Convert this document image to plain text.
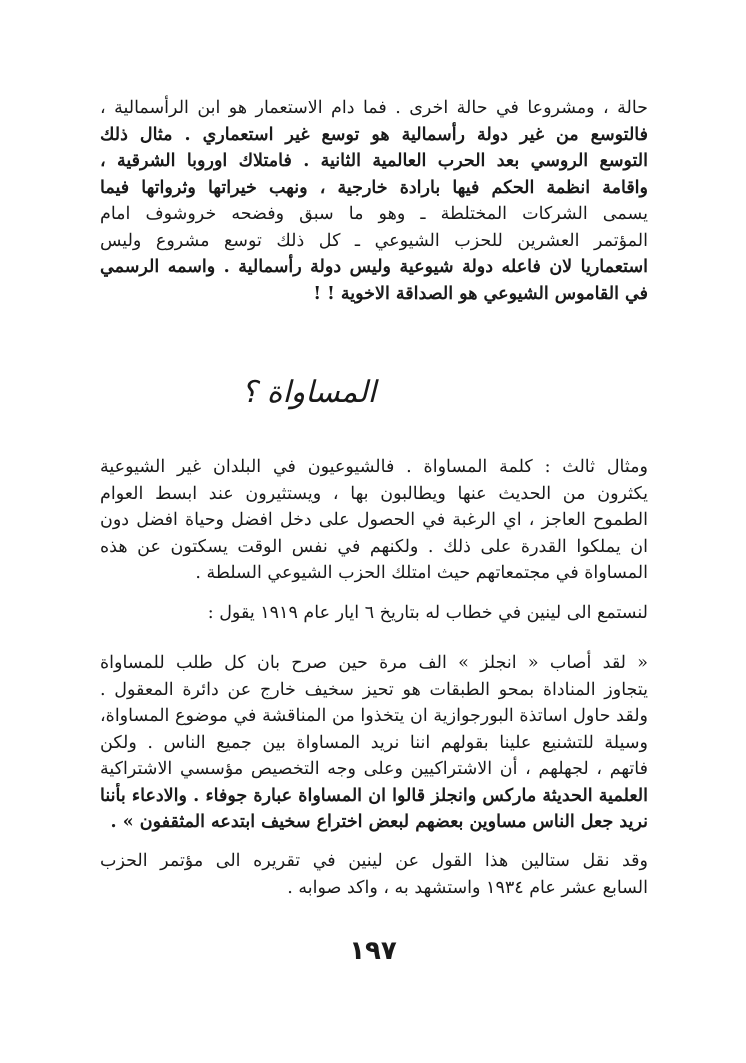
حالة ، ومشروعا في حالة اخرى . فما دام الاستعمار هو ابن الرأسمالية ،
فالتوسع من غير دولة رأسمالية هو توسع غير استعماري . مثال ذلك
التوسع الروسي بعد الحرب العالمية الثانية . فامتلاك اوروبا الشرقية ،
واقامة انظمة الحكم فيها بارادة خارجية ، ونهب خيراتها وثرواتها فيما
يسمى الشركات المختلطة ـ وهو ما سبق وفضحه خروشوف امام
المؤتمر العشرين للحزب الشيوعي ـ كل ذلك توسع مشروع وليس
استعماريا لان فاعله دولة شيوعية وليس دولة رأسمالية . واسمه الرسمي
في القاموس الشيوعي هو الصداقة الاخوية ! !
المساواة ؟
ومثال ثالث : كلمة المساواة . فالشيوعيون في البلدان غير الشيوعية
يكثرون من الحديث عنها ويطالبون بها ، ويستثيرون عند ابسط العوام
الطموح العاجز ، اي الرغبة في الحصول على دخل افضل وحياة افضل دون
ان يملكوا القدرة على ذلك . ولكنهم في نفس الوقت يسكتون عن هذه
المساواة في مجتمعاتهم حيث امتلك الحزب الشيوعي السلطة .
لنستمع الى لينين في خطاب له بتاريخ ٦ ايار عام ١٩١٩ يقول :
« لقد أصاب « انجلز » الف مرة حين صرح بان كل طلب للمساواة
يتجاوز المناداة بمحو الطبقات هو تحيز سخيف خارج عن دائرة المعقول .
ولقد حاول اساتذة البورجوازية ان يتخذوا من المناقشة في موضوع المساواة،
وسيلة للتشنيع علينا بقولهم اننا نريد المساواة بين جميع الناس . ولكن
فاتهم ، لجهلهم ، أن الاشتراكيين وعلى وجه التخصيص مؤسسي الاشتراكية
العلمية الحديثة ماركس وانجلز قالوا ان المساواة عبارة جوفاء . والادعاء بأننا
نريد جعل الناس مساوين بعضهم لبعض اختراع سخيف ابتدعه المثقفون » .
وقد نقل ستالين هذا القول عن لينين في تقريره الى مؤتمر الحزب
السابع عشر عام ١٩٣٤ واستشهد به ، واكد صوابه .
١٩٧
